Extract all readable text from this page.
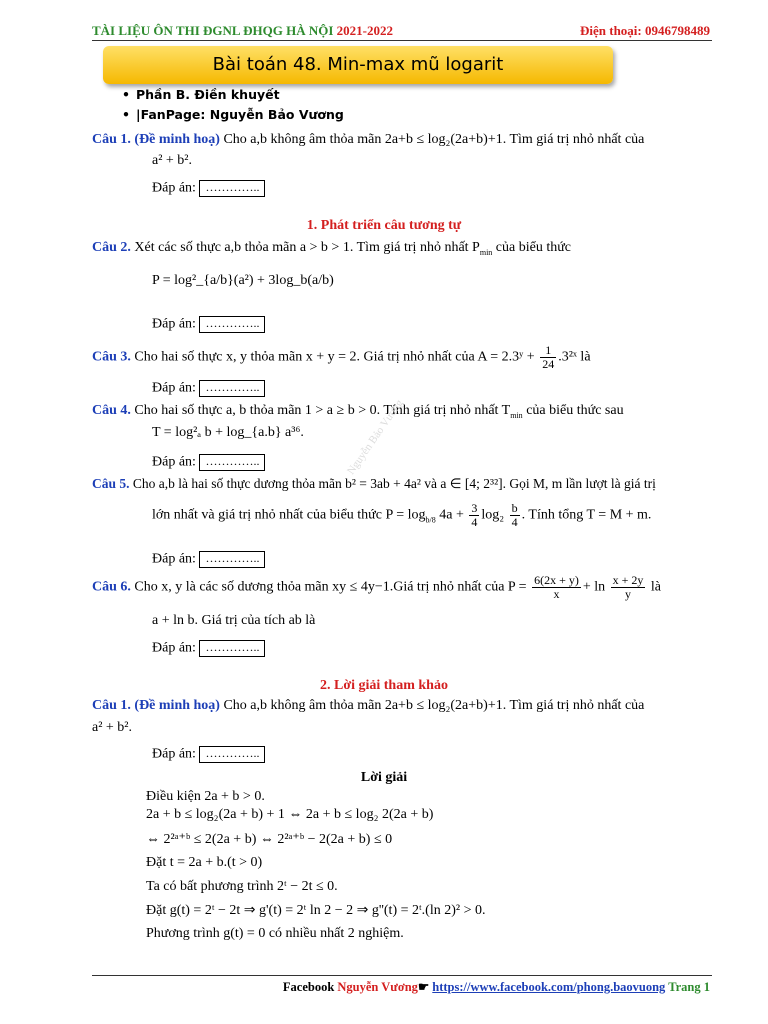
TÀI LIỆU ÔN THI ĐGNL ĐHQG HÀ NỘI 2021-2022	Điện thoại: 0946798489
Bài toán 48. Min-max mũ logarit
• Phần B. Điền khuyết
• |FanPage: Nguyễn Bảo Vương
Câu 1. (Đề minh hoạ) Cho a,b không âm thỏa mãn 2a+b ≤ log₂(2a+b)+1. Tìm giá trị nhỏ nhất của
a² + b².
Đáp án: …………..
1. Phát triển câu tương tự
Câu 2. Xét các số thực a,b thỏa mãn a > b > 1. Tìm giá trị nhỏ nhất $P_{min}$ của biểu thức
P = log²_{a/b}(a²) + 3log_b(a/b)
Đáp án: …………..
Câu 3. Cho hai số thực x, y thỏa mãn x + y = 2. Giá trị nhỏ nhất của A = 2.3ʸ + $\frac{1}{24}$ .3²ˣ là
Đáp án: …………..
Câu 4. Cho hai số thực a, b thỏa mãn 1 > a ≥ b > 0. Tính giá trị nhỏ nhất $T_{min}$ của biểu thức sau
T = log²ₐ b + log_{a.b} a³⁶.
Đáp án: …………..
Câu 5. Cho a,b là hai số thực dương thỏa mãn b² = 3ab + 4a² và a ∈ [4; 2³²]. Gọi M, m lần lượt là giá trị
lớn nhất và giá trị nhỏ nhất của biểu thức $P = \log_{b/8} 4a + \frac{3}{4} \log_2 \frac{b}{4}$ . Tính tổng T = M + m.
Đáp án: …………..
Câu 6. Cho x, y là các số dương thỏa mãn xy ≤ 4y−1.Giá trị nhỏ nhất của $P = \frac{6(2x + y)}{x} + \ln \frac{x + 2y}{y}$ là
a + ln b. Giá trị của tích ab là
Đáp án: …………..
2. Lời giải tham khảo
Câu 1. (Đề minh hoạ) Cho a,b không âm thỏa mãn 2a+b ≤ log₂(2a+b)+1. Tìm giá trị nhỏ nhất của
a² + b².
Đáp án: …………..
Lời giải
Điều kiện 2a + b > 0.
2a + b ≤ log₂(2a + b) + 1 ⇔ 2a + b ≤ log₂ 2(2a + b)
⇔ 2²ᵃ⁺ᵇ ≤ 2(2a + b) ⇔ 2²ᵃ⁺ᵇ − 2(2a + b) ≤ 0
Đặt t = 2a + b.(t > 0)
Ta có bất phương trình 2ᵗ − 2t ≤ 0.
Đặt g(t) = 2ᵗ − 2t ⇒ g'(t) = 2ᵗ ln 2 − 2 ⇒ g''(t) = 2ᵗ.(ln 2)² > 0.
Phương trình g(t) = 0 có nhiều nhất 2 nghiệm.
Nguyễn Bảo Vương
Facebook Nguyễn Vương☛ https://www.facebook.com/phong.baovuong Trang 1
